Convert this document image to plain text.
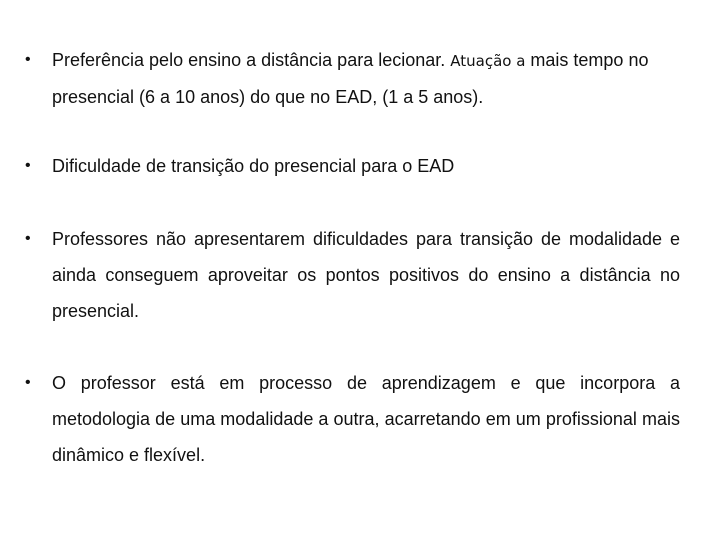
• Preferência pelo ensino a distância para lecionar. Atuação a mais tempo no presencial (6 a 10 anos) do que no EAD, (1 a 5 anos).
• Dificuldade de transição do presencial para o EAD
• Professores não apresentarem dificuldades para transição de modalidade e ainda conseguem aproveitar os pontos positivos do ensino a distância no presencial.
• O professor está em processo de aprendizagem e que incorpora a metodologia de uma modalidade a outra, acarretando em um profissional mais dinâmico e flexível.
